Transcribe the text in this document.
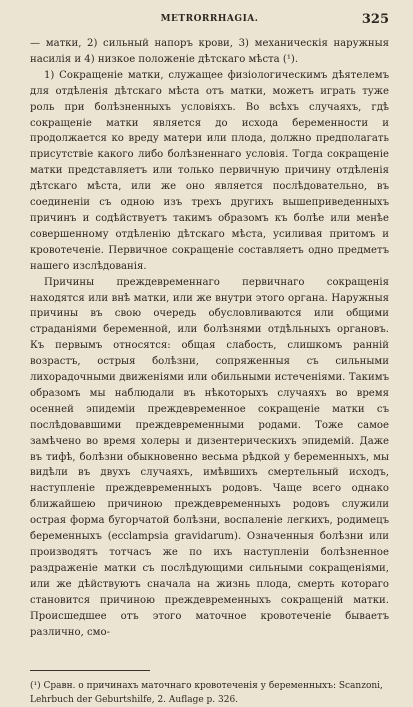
METRORRHAGIA.	325

— матки, 2) сильный напоръ крови, 3) механическія наружныя насилія и 4) низкое положеніе дѣтскаго мѣста (¹).

1) Сокращеніе матки, служащее физіологическимъ дѣятелемъ для отдѣленія дѣтскаго мѣста отъ матки, можетъ играть туже роль при болѣзненныхъ условіяхъ. Во всѣхъ случаяхъ, гдѣ сокращеніе матки является до исхода беременности и продолжается ко вреду матери или плода, должно предполагать присутствіе какого либо болѣзненнаго условія. Тогда сокращеніе матки представляетъ или только первичную причину отдѣленія дѣтскаго мѣста, или же оно является послѣдовательно, въ соединеніи съ одною изъ трехъ другихъ вышеприведенныхъ причинъ и содѣйствуетъ такимъ образомъ къ болѣе или менѣе совершенному отдѣленію дѣтскаго мѣста, усиливая притомъ и кровотеченіе. Первичное сокращеніе составляетъ одно предметъ нашего изслѣдованія.

Причины преждевременнаго первичнаго сокращенія находятся или внѣ матки, или же внутри этого органа. Наружныя причины въ свою очередь обусловливаются или общими страданіями беременной, или болѣзнями отдѣльныхъ органовъ. Къ первымъ относятся: общая слабость, слишкомъ ранній возрастъ, острыя болѣзни, сопряженныя съ сильными лихорадочными движеніями или обильными истеченіями. Такимъ образомъ мы наблюдали въ нѣкоторыхъ случаяхъ во время осенней эпидеміи преждевременное сокращеніе матки съ послѣдовавшими преждевременными родами. Тоже самое замѣчено во время холеры и дизентерическихъ эпидемій. Даже въ тифѣ, болѣзни обыкновенно весьма рѣдкой у беременныхъ, мы видѣли въ двухъ случаяхъ, имѣвшихъ смертельный исходъ, наступленіе преждевременныхъ родовъ. Чаще всего однако ближайшею причиною преждевременныхъ родовъ служили острая форма бугорчатой болѣзни, воспаленіе легкихъ, родимецъ беременныхъ (ecclampsia gravidarum). Означенныя болѣзни или производятъ тотчасъ же по ихъ наступленіи болѣзненное раздраженіе матки съ послѣдующими сильными сокращеніями, или же дѣйствуютъ сначала на жизнь плода, смерть котораго становится причиною преждевременныхъ сокращеній матки. Происшедшее отъ этого маточное кровотеченіе бываетъ различно, смо-

(¹) Сравн. о причинахъ маточнаго кровотеченія у беременныхъ: Scanzoni, Lehrbuch der Geburtshilfe, 2. Auflage p. 326.
